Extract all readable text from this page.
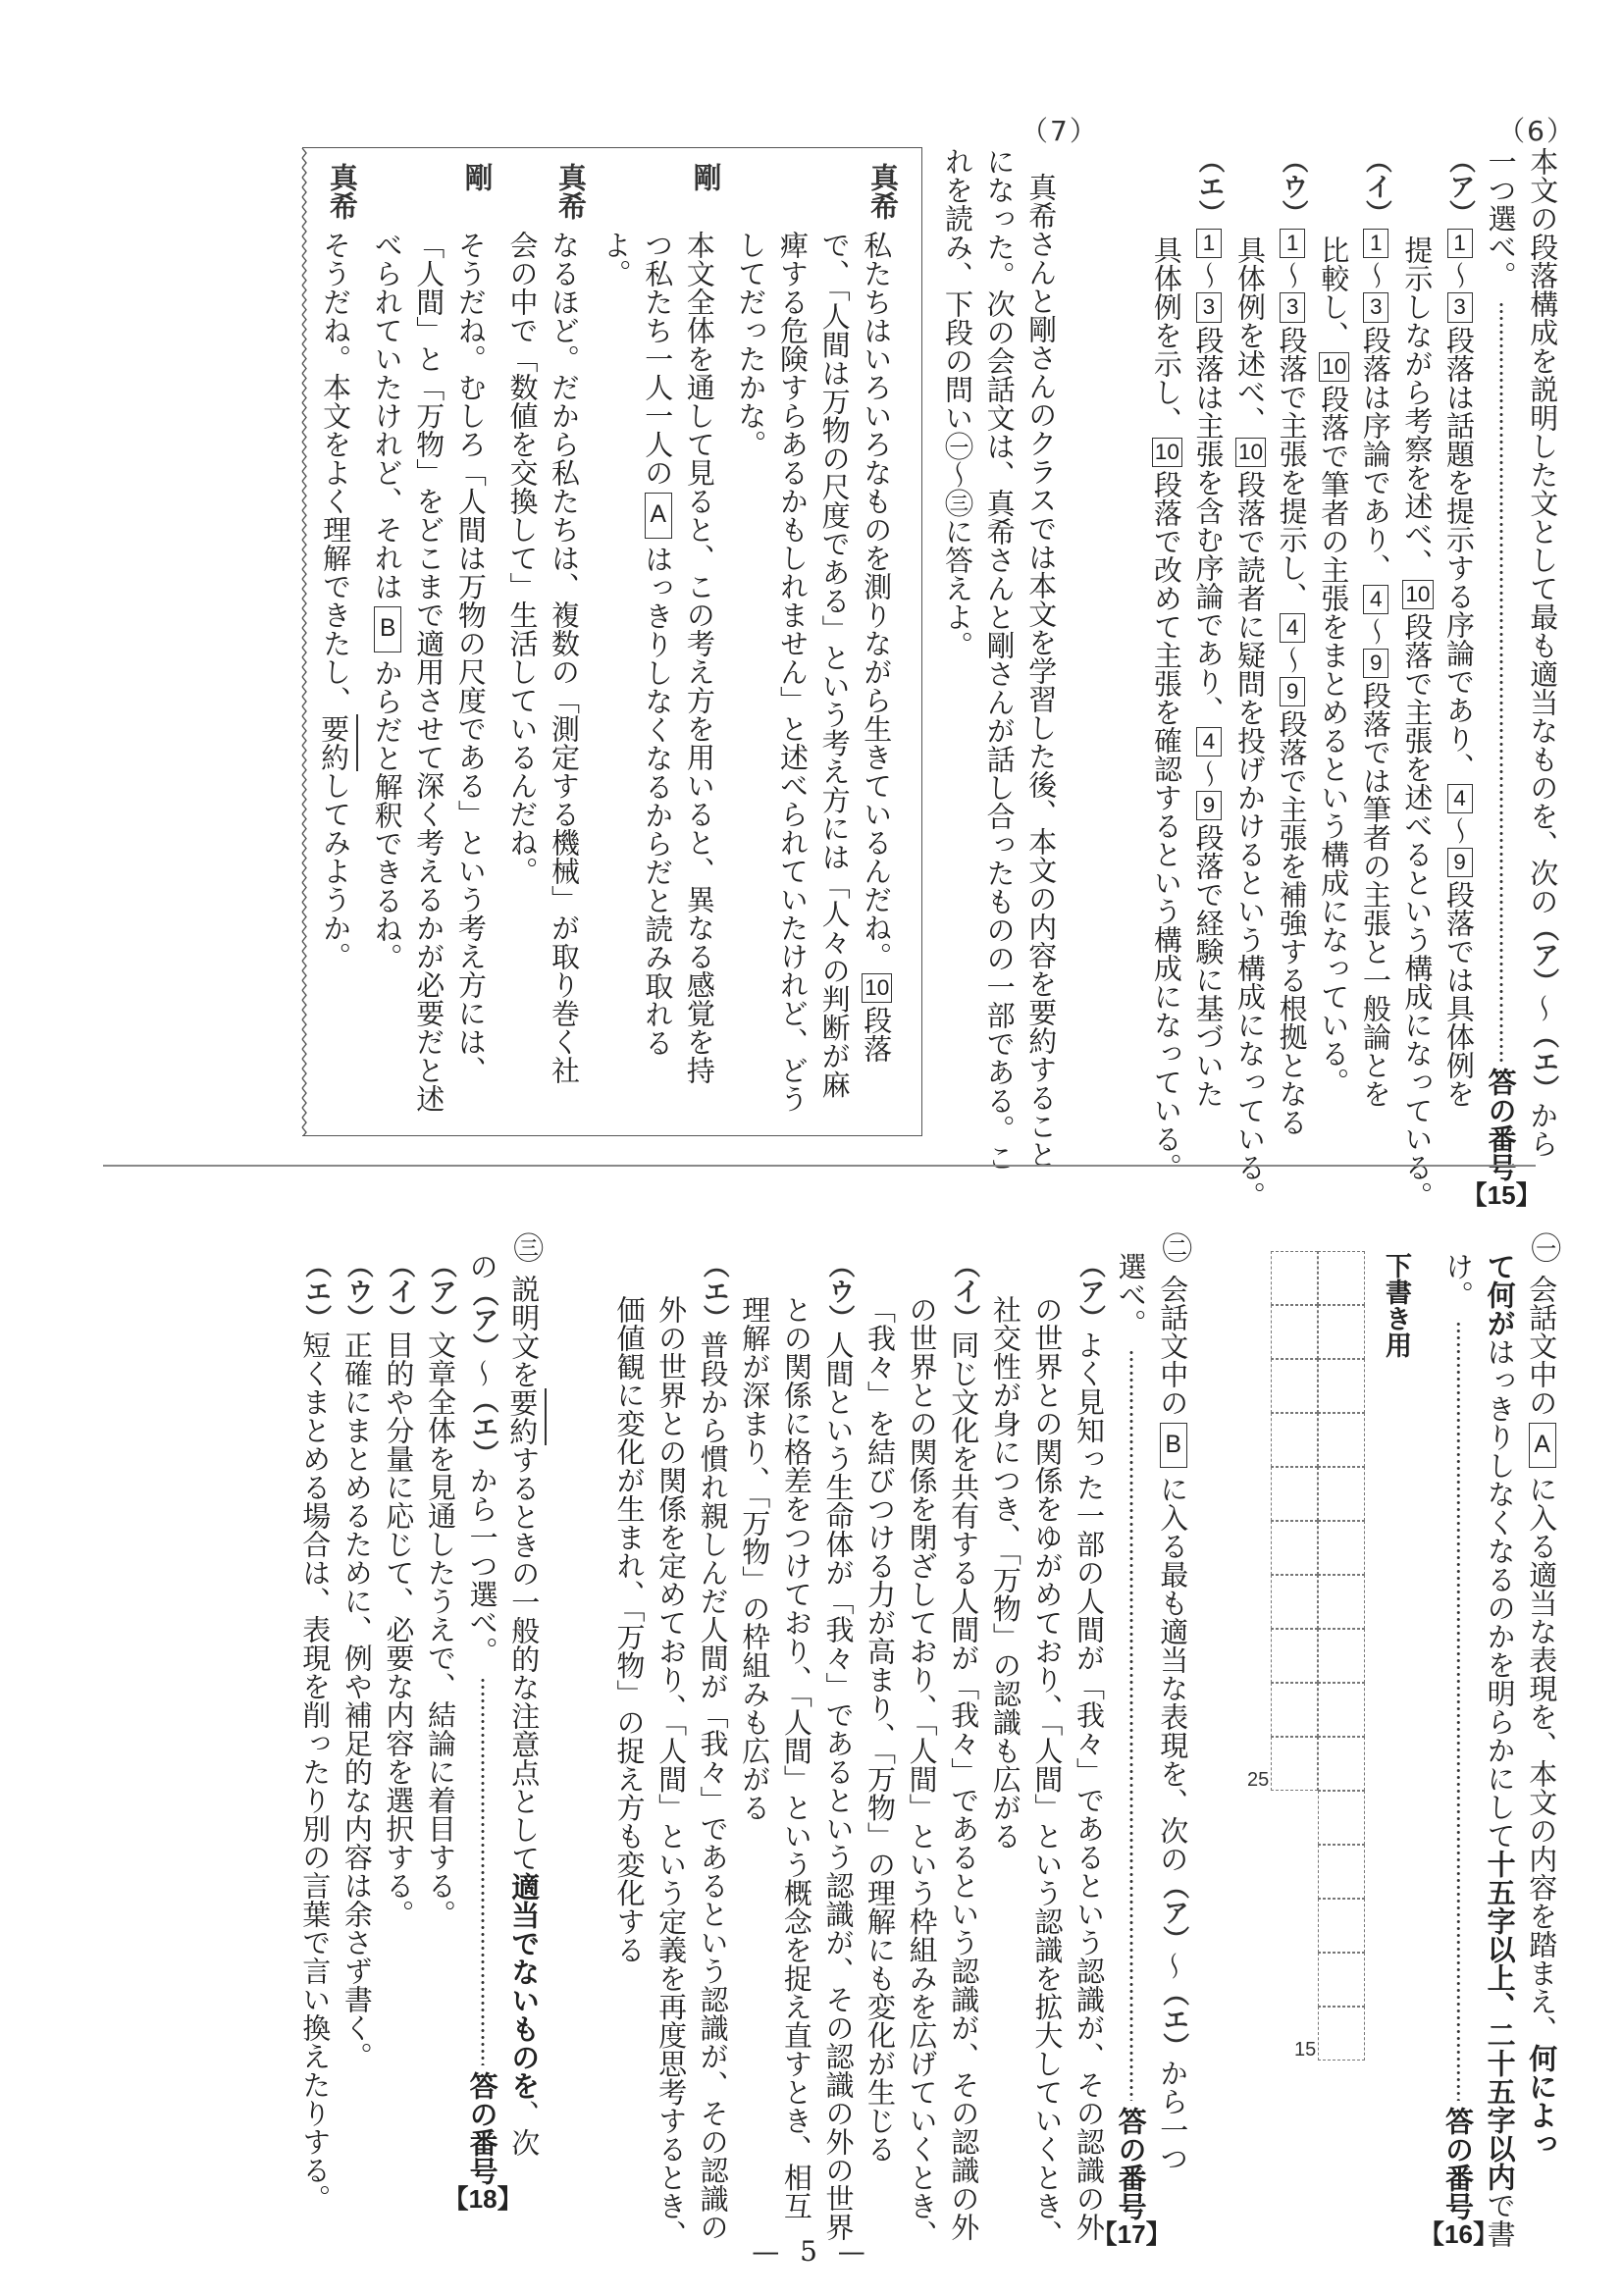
（6）
本文の段落構成を説明した文として最も適当なものを、次の
（ア）
〜
（エ）
から
一つ選べ。
答の番号
【15】
（ア）
1
〜
3
段落は話題を提示する序論であり、
4
〜
9
段落では具体例を
提示しながら考察を述べ、
10
段落で主張を述べるという構成になっている。
（イ）
1
〜
3
段落は序論であり、
4
〜
9
段落では筆者の主張と一般論とを
比較し、
10
段落で筆者の主張をまとめるという構成になっている。
（ウ）
1
〜
3
段落で主張を提示し、
4
〜
9
段落で主張を補強する根拠となる
具体例を述べ、
10
段落で読者に疑問を投げかけるという構成になっている。
（エ）
1
〜
3
段落は主張を含む序論であり、
4
〜
9
段落で経験に基づいた
具体例を示し、
10
段落で改めて主張を確認するという構成になっている。
（7）
真希さんと剛さんのクラスでは本文を学習した後、本文の内容を要約すること
になった。次の会話文は、真希さんと剛さんが話し合ったものの一部である。こ
れを読み、下段の問い㊀〜㊂に答えよ。
真希
私たちはいろいろなものを測りながら生きているんだね。
10
段落
で、「人間は万物の尺度である」という考え方には「人々の判断が麻
痺する危険すらあるかもしれません」と述べられていたけれど、どう
してだったかな。
剛
本文全体を通して見ると、この考え方を用いると、異なる感覚を持
つ私たち一人一人の
A
はっきりしなくなるからだと読み取れる
よ。
真希
なるほど。だから私たちは、複数の「測定する機械」が取り巻く社
会の中で「数値を交換して」生活しているんだね。
剛
そうだね。むしろ「人間は万物の尺度である」という考え方には、
「人間」と「万物」をどこまで適用させて深く考えるかが必要だと述
べられていたけれど、それは
B
からだと解釈できるね。
真希
そうだね。本文をよく理解できたし、
要約
してみようか。
㊀
会話文中の
A
に入る適当な表現を、本文の内容を踏まえ、
何によっ
て何が
はっきりしなくなるのかを明らかにして
十五字以上、二十五字以内
で書
け。
答の番号
【16】
下書き用
15
25
㊁
会話文中の
B
に入る最も適当な表現を、次の
（ア）
〜
（エ）
から一つ
選べ。
答の番号
【17】
（ア）
よく見知った一部の人間が「我々」であるという認識が、その認識の外
の世界との関係をゆがめており、「人間」という認識を拡大していくとき、
社交性が身につき、「万物」の認識も広がる
（イ）
同じ文化を共有する人間が「我々」であるという認識が、その認識の外
の世界との関係を閉ざしており、「人間」という枠組みを広げていくとき、
「我々」を結びつける力が高まり、「万物」の理解にも変化が生じる
（ウ）
人間という生命体が「我々」であるという認識が、その認識の外の世界
との関係に格差をつけており、「人間」という概念を捉え直すとき、相互
理解が深まり、「万物」の枠組みも広がる
（エ）
普段から慣れ親しんだ人間が「我々」であるという認識が、その認識の
外の世界との関係を定めており、「人間」という定義を再度思考するとき、
価値観に変化が生まれ、「万物」の捉え方も変化する
㊂
説明文を
要約
するときの一般的な注意点として
適当でないものを
、次
の
（ア）
〜
（エ）
から一つ選べ。
答の番号
【18】
（ア）
文章全体を見通したうえで、結論に着目する。
（イ）
目的や分量に応じて、必要な内容を選択する。
（ウ）
正確にまとめるために、例や補足的な内容は余さず書く。
（エ）
短くまとめる場合は、表現を削ったり別の言葉で言い換えたりする。
— 5 —
